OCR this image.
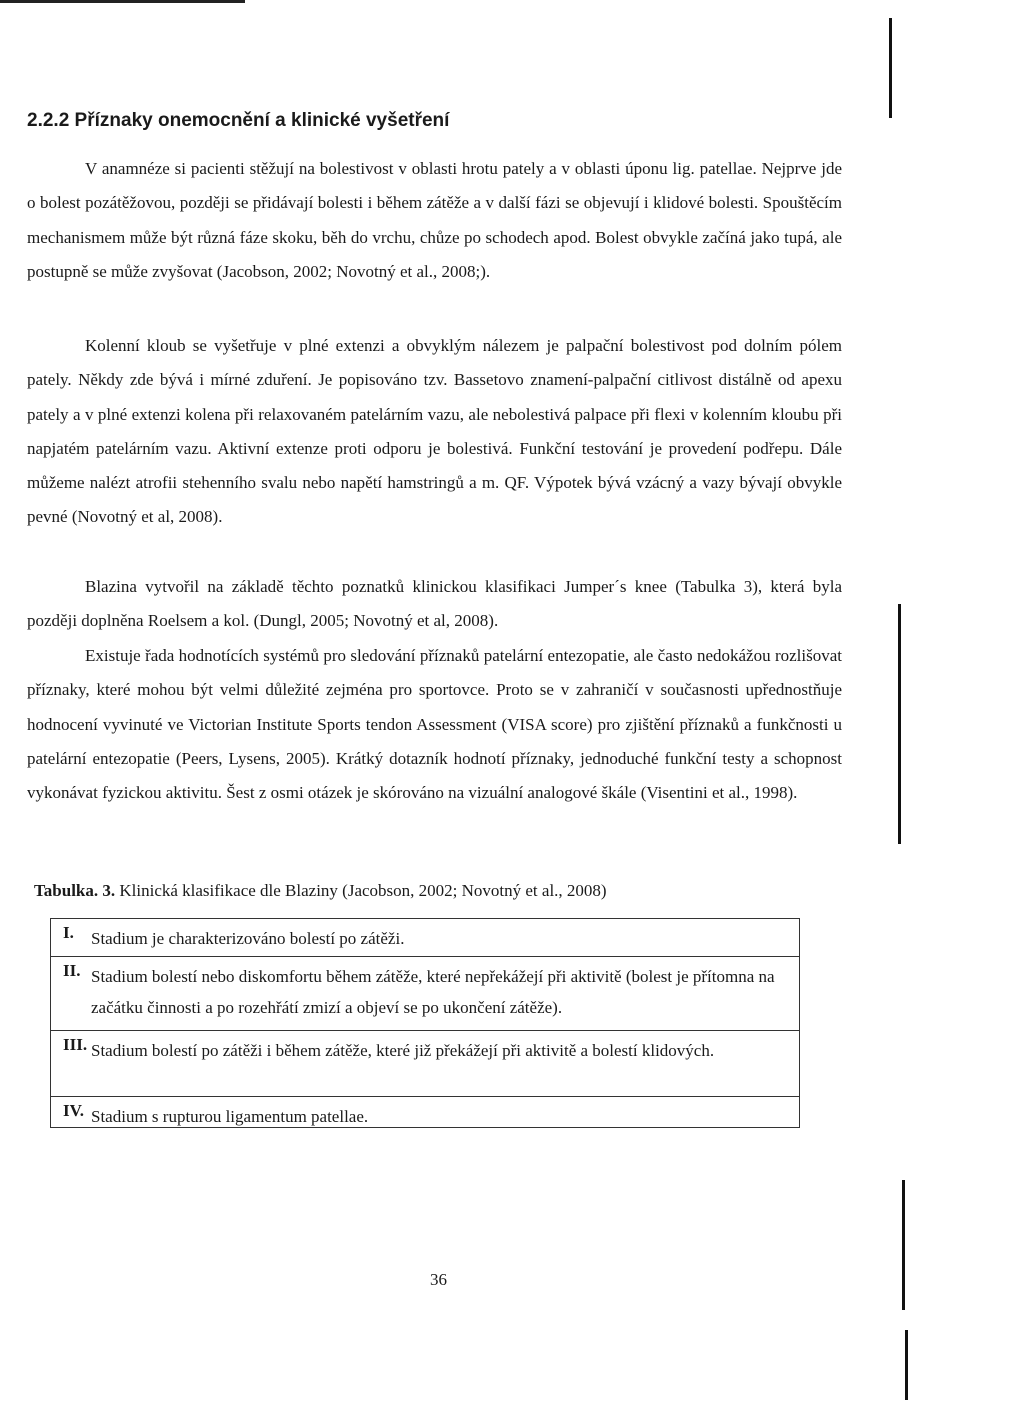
2.2.2 Příznaky onemocnění a klinické vyšetření
V anamnéze si pacienti stěžují na bolestivost v oblasti hrotu pately a v oblasti úponu lig. patellae. Nejprve jde o bolest pozátěžovou, později se přidávají bolesti i během zátěže a v další fázi se objevují i klidové bolesti. Spouštěcím mechanismem může být různá fáze skoku, běh do vrchu, chůze po schodech apod. Bolest obvykle začíná jako tupá, ale postupně se může zvyšovat (Jacobson, 2002; Novotný et al., 2008;).
Kolenní kloub se vyšetřuje v plné extenzi a obvyklým nálezem je palpační bolestivost pod dolním pólem pately. Někdy zde bývá i mírné zduření. Je popisováno tzv. Bassetovo znamení-palpační citlivost distálně od apexu pately a v plné extenzi kolena při relaxovaném patelárním vazu, ale nebolestivá palpace při flexi v kolenním kloubu při napjatém patelárním vazu. Aktivní extenze proti odporu je bolestivá. Funkční testování je provedení podřepu. Dále můžeme nalézt atrofii stehenního svalu nebo napětí hamstringů a m. QF. Výpotek bývá vzácný a vazy bývají obvykle pevné (Novotný et al, 2008).
Blazina vytvořil na základě těchto poznatků klinickou klasifikaci Jumper´s knee (Tabulka 3), která byla později doplněna Roelsem a kol. (Dungl, 2005; Novotný et al, 2008).
Existuje řada hodnotících systémů pro sledování příznaků patelární entezopatie, ale často nedokážou rozlišovat příznaky, které mohou být velmi důležité zejména pro sportovce. Proto se v zahraničí v současnosti upřednostňuje hodnocení vyvinuté ve Victorian Institute Sports tendon Assessment (VISA score) pro zjištění příznaků a funkčnosti u patelární entezopatie (Peers, Lysens, 2005). Krátký dotazník hodnotí příznaky, jednoduché funkční testy a schopnost vykonávat fyzickou aktivitu. Šest z osmi otázek je skórováno na vizuální analogové škále (Visentini et al., 1998).
Tabulka. 3. Klinická klasifikace dle Blaziny (Jacobson, 2002; Novotný et al., 2008)
I. Stadium je charakterizováno bolestí po zátěži.
II. Stadium bolestí nebo diskomfortu během zátěže, které nepřekážejí při aktivitě (bolest je přítomna na začátku činnosti a po rozehřátí zmizí a objeví se po ukončení zátěže).
III. Stadium bolestí po zátěži i během zátěže, které již překážejí při aktivitě a bolestí klidových.
IV. Stadium s rupturou ligamentum patellae.
36
